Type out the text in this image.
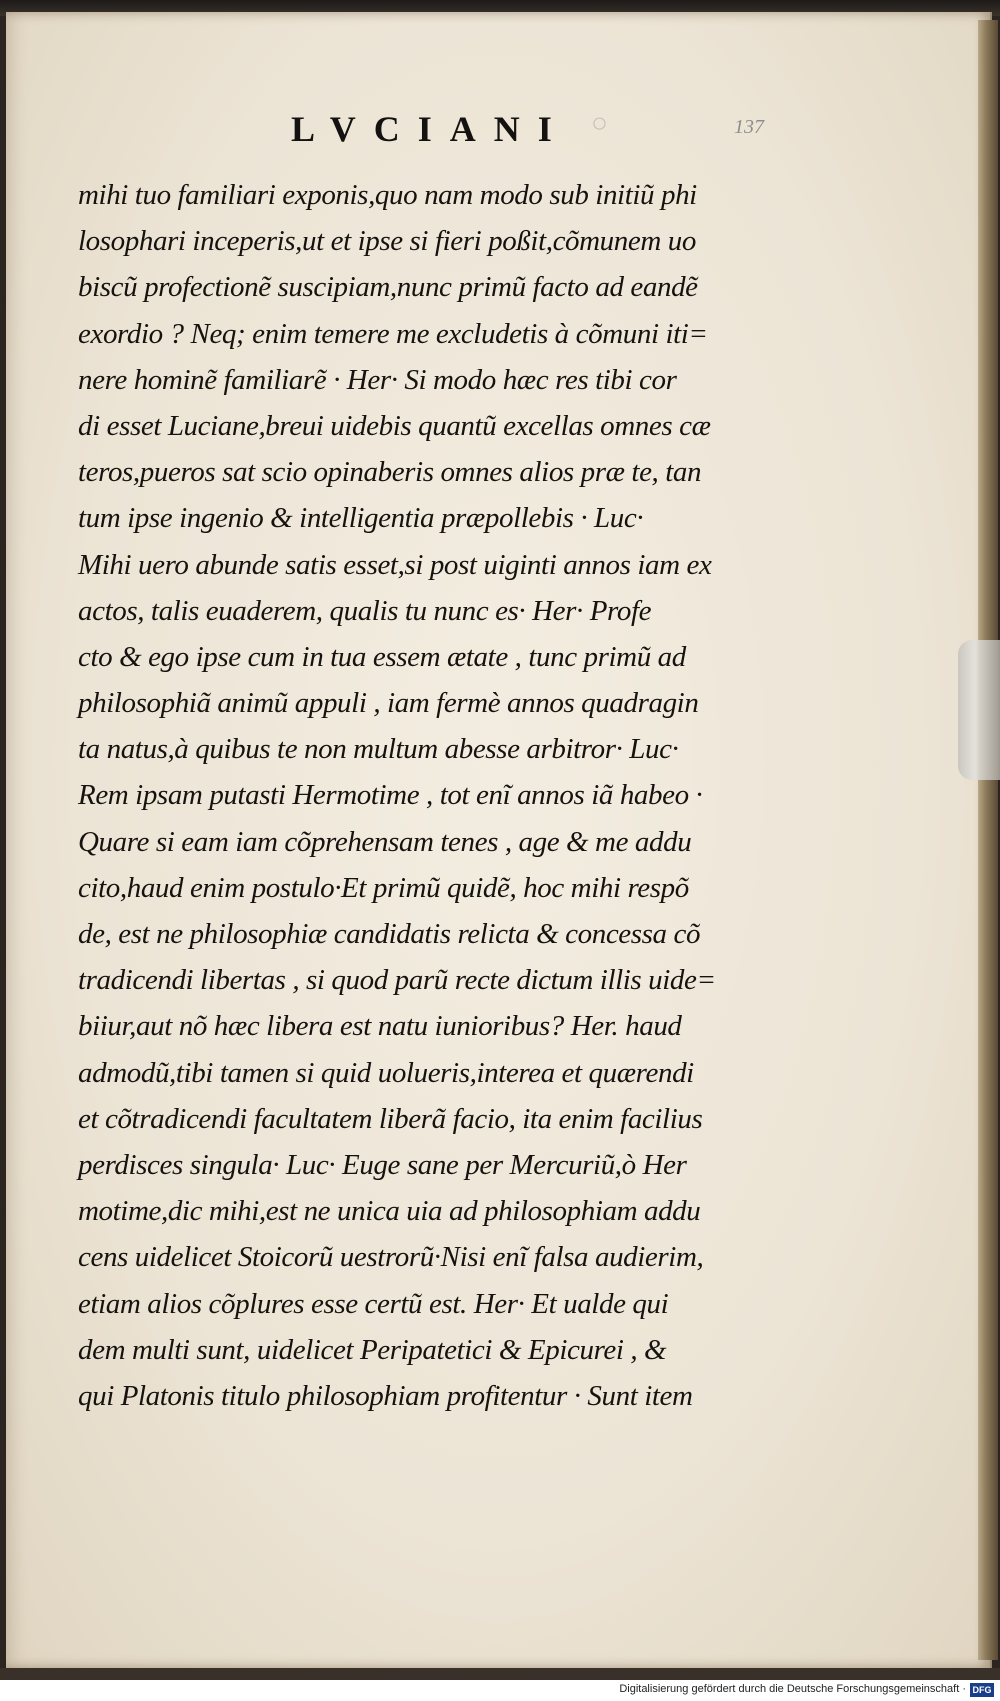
LVCIANI ○	137
mihi tuo familiari exponis,quo nam modo sub initiũ phi
losophari inceperis,ut et ipse si fieri poßit,cõmunem uo
biscũ profectionẽ suscipiam,nunc primũ facto ad eandẽ
exordio ? Neq; enim temere me excludetis à cõmuni iti=
nere hominẽ familiarẽ · Her· Si modo hæc res tibi cor
di esset Luciane,breui uidebis quantũ excellas omnes cæ
teros,pueros sat scio opinaberis omnes alios præ te, tan
tum ipse ingenio & intelligentia præpollebis · Luc·
Mihi uero abunde satis esset,si post uiginti annos iam ex
actos, talis euaderem, qualis tu nunc es· Her· Profe
cto & ego ipse cum in tua essem ætate , tunc primũ ad
philosophiã animũ appuli , iam fermè annos quadragin
ta natus,à quibus te non multum abesse arbitror· Luc·
Rem ipsam putasti Hermotime , tot enĩ annos iã habeo ·
Quare si eam iam cõprehensam tenes , age & me addu
cito,haud enim postulo·Et primũ quidẽ, hoc mihi respõ
de, est ne philosophiæ candidatis relicta & concessa cõ
tradicendi libertas , si quod parũ recte dictum illis uide=
biiur,aut nõ hæc libera est natu iunioribus? Her. haud
admodũ,tibi tamen si quid uolueris,interea et quærendi
et cõtradicendi facultatem liberã facio, ita enim facilius
perdisces singula· Luc· Euge sane per Mercuriũ,ò Her
motime,dic mihi,est ne unica uia ad philosophiam addu
cens uidelicet Stoicorũ uestrorũ·Nisi enĩ falsa audierim,
etiam alios cõplures esse certũ est. Her· Et ualde qui
dem multi sunt, uidelicet Peripatetici & Epicurei , &
qui Platonis titulo philosophiam profitentur · Sunt item
Digitalisierung gefördert durch die Deutsche Forschungsgemeinschaft · DFG
